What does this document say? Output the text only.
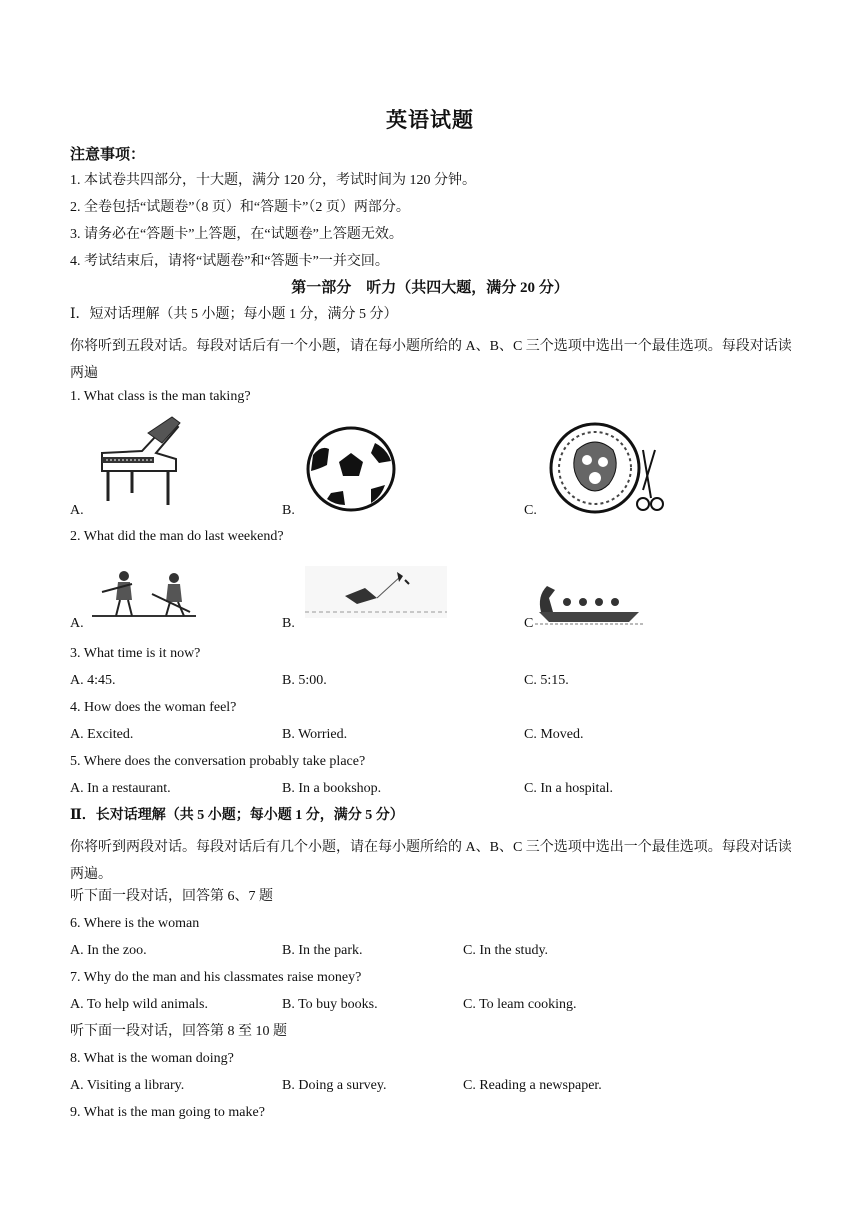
英语试题
注意事项：
1. 本试卷共四部分，十大题，满分 120 分，考试时间为 120 分钟。
2. 全卷包括“试题卷”（8 页）和“答题卡”（2 页）两部分。
3. 请务必在“答题卡”上答题，在“试题卷”上答题无效。
4. 考试结束后，请将“试题卷”和“答题卡”一并交回。
第一部分　听力（共四大题，满分 20 分）
Ⅰ．短对话理解（共 5 小题；每小题 1 分，满分 5 分）
你将听到五段对话。每段对话后有一个小题，请在每小题所给的 A、B、C 三个选项中选出一个最佳选项。每段对话读两遍
1. What class is the man taking?
A.	B.	C.
2. What did the man do last weekend?
A.	B.	C
3. What time is it now?
A. 4:45.	B. 5:00.	C. 5:15.
4. How does the woman feel?
A. Excited.	B. Worried.	C. Moved.
5. Where does the conversation probably take place?
A. In a restaurant.	B. In a bookshop.	C. In a hospital.
Ⅱ．长对话理解（共 5 小题；每小题 1 分，满分 5 分）
你将听到两段对话。每段对话后有几个小题，请在每小题所给的 A、B、C 三个选项中选出一个最佳选项。每段对话读两遍。
听下面一段对话，回答第 6、7 题
6. Where is the woman
A. In the zoo.	B. In the park.	C. In the study.
7. Why do the man and his classmates raise money?
A. To help wild animals.	B. To buy books.	C. To leam cooking.
听下面一段对话，回答第 8 至 10 题
8. What is the woman doing?
A. Visiting a library.	B. Doing a survey.	C. Reading a newspaper.
9. What is the man going to make?
